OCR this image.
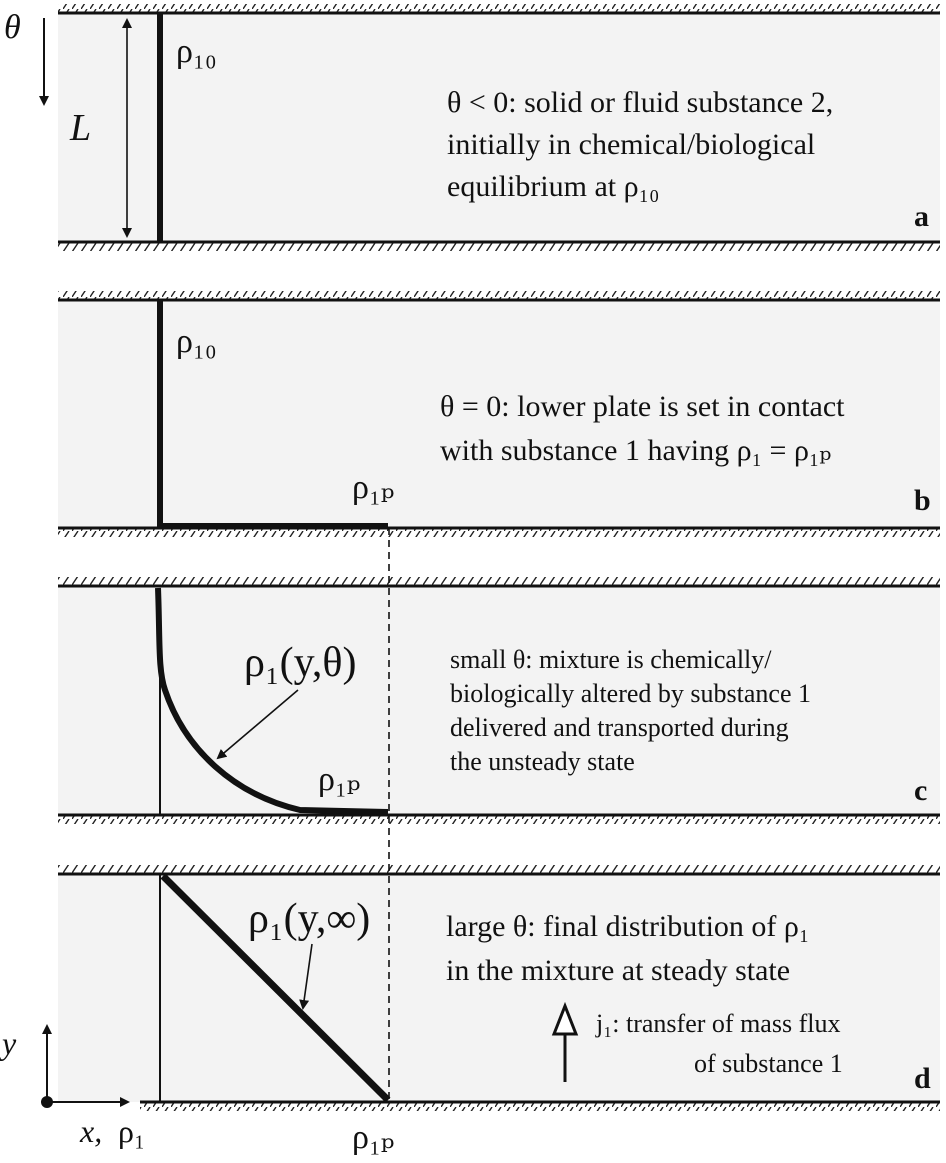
θ
L
ρ₁₀
θ < 0: solid or fluid substance 2,
initially in chemical/biological
equilibrium at ρ₁₀
a
ρ₁₀
ρ₁ₚ
θ = 0: lower plate is set in contact
with substance 1 having ρ₁ = ρ₁ₚ
b
ρ₁(y,θ)
ρ₁ₚ
small θ: mixture is chemically/
biologically altered by substance 1
delivered and transported during
the unsteady state
c
ρ₁(y,∞)	large θ: final distribution of ρ₁
in the mixture at steady state
j₁: transfer of mass flux
of substance 1 d
y
x, ρ₁	ρ₁ₚ
